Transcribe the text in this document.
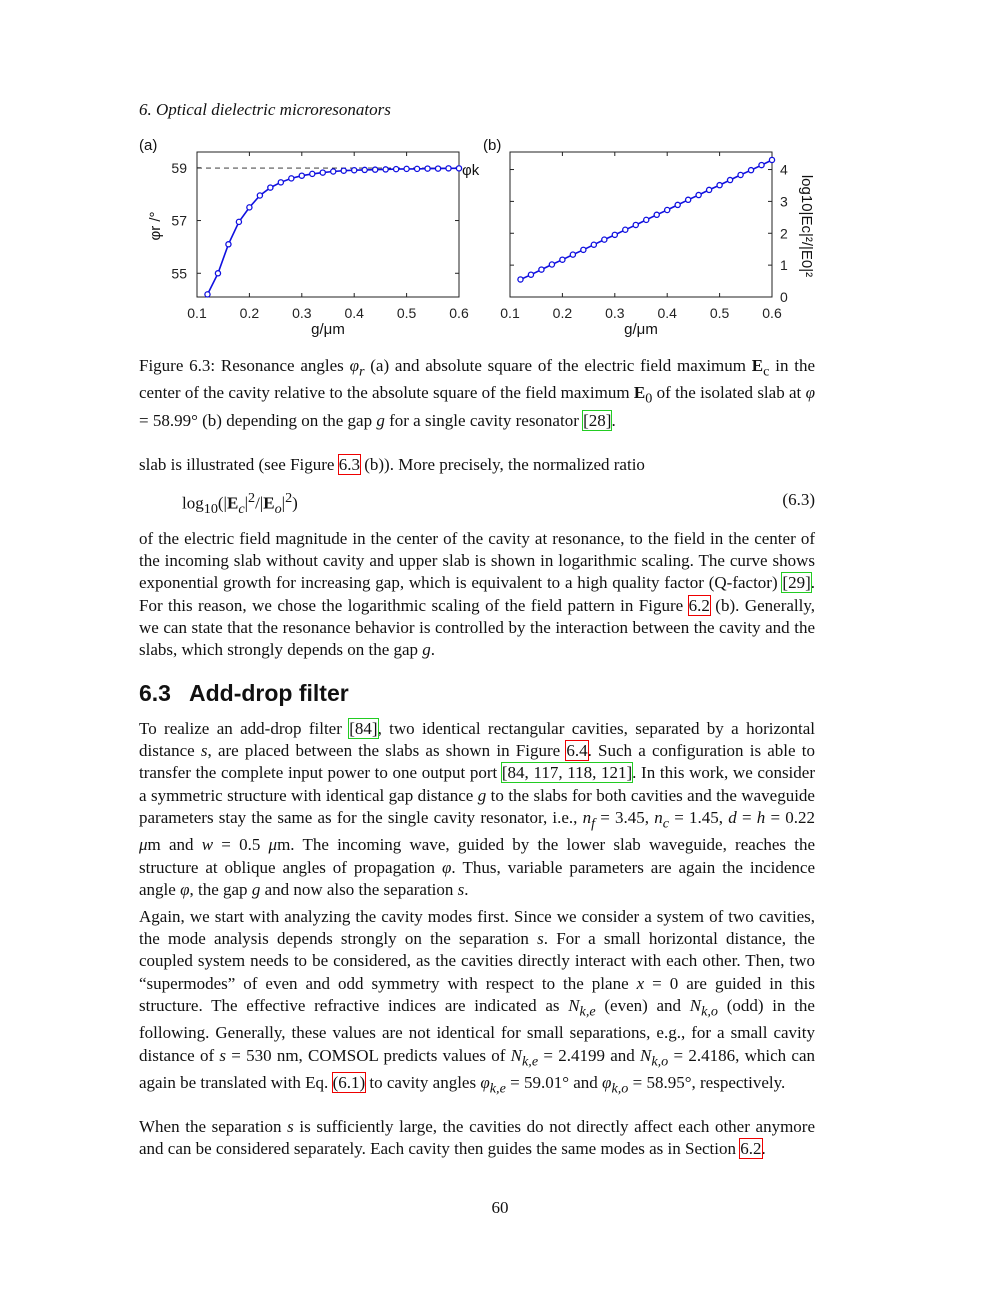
6. Optical dielectric microresonators
(a)
0.1 0.2 0.3 0.4 0.5 0.6
55
57
59	φk
g/μm
φr /°
(b)
0.1 0.2 0.3 0.4 0.5 0.6
0
1
2
3
4
g/μm
log10|Ec|²/|E0|²
Figure 6.3: Resonance angles $\varphi_r$ (a) and absolute square of the electric field maximum $E_c$ in the center of the cavity relative to the absolute square of the field maximum $E_0$ of the isolated slab at φ = 58.99° (b) depending on the gap g for a single cavity resonator [28].
slab is illustrated (see Figure 6.3 (b)). More precisely, the normalized ratio
$\log_{10}(|E_c|^2/|E_o|^2)$	(6.3)
of the electric field magnitude in the center of the cavity at resonance, to the field in the center of the incoming slab without cavity and upper slab is shown in logarithmic scaling. The curve shows exponential growth for increasing gap, which is equivalent to a high quality factor (Q-factor) [29]. For this reason, we chose the logarithmic scaling of the field pattern in Figure 6.2 (b). Generally, we can state that the resonance behavior is controlled by the interaction between the cavity and the slabs, which strongly depends on the gap g.
6.3 Add-drop filter
To realize an add-drop filter [84], two identical rectangular cavities, separated by a horizontal distance s, are placed between the slabs as shown in Figure 6.4. Such a configuration is able to transfer the complete input power to one output port [84, 117, 118, 121]. In this work, we consider a symmetric structure with identical gap distance g to the slabs for both cavities and the waveguide parameters stay the same as for the single cavity resonator, i.e., $n_f = 3.45$, $n_c = 1.45$, d = h = 0.22 μm and w = 0.5 μm. The incoming wave, guided by the lower slab waveguide, reaches the structure at oblique angles of propagation φ. Thus, variable parameters are again the incidence angle φ, the gap g and now also the separation s.
Again, we start with analyzing the cavity modes first. Since we consider a system of two cavities, the mode analysis depends strongly on the separation s. For a small horizontal distance, the coupled system needs to be considered, as the cavities directly interact with each other. Then, two “supermodes” of even and odd symmetry with respect to the plane x = 0 are guided in this structure. The effective refractive indices are indicated as $N_{k,e}$ (even) and $N_{k,o}$ (odd) in the following. Generally, these values are not identical for small separations, e.g., for a small cavity distance of s = 530 nm, COMSOL predicts values of $N_{k,e} = 2.4199$ and $N_{k,o} = 2.4186$, which can again be translated with Eq. (6.1) to cavity angles $\varphi_{k,e} = 59.01^\circ$ and $\varphi_{k,o} = 58.95^\circ$, respectively.
When the separation s is sufficiently large, the cavities do not directly affect each other anymore and can be considered separately. Each cavity then guides the same modes as in Section 6.2.
60
